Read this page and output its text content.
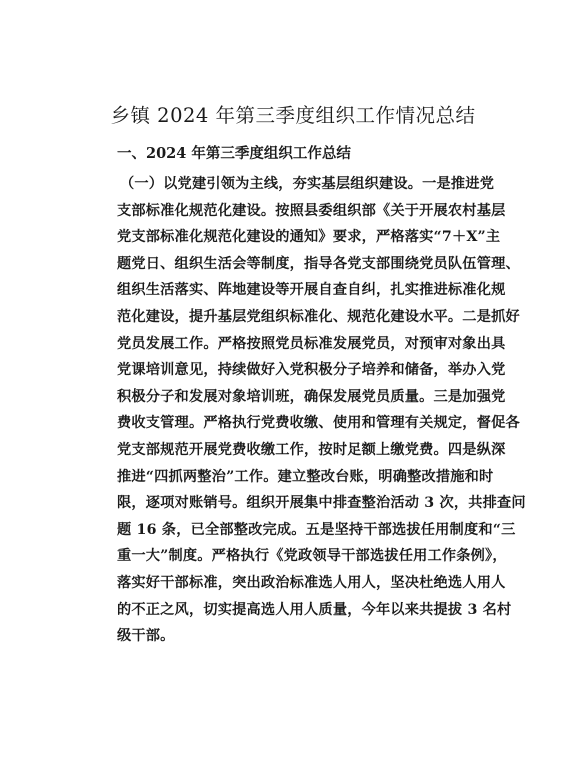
乡镇 2024 年第三季度组织工作情况总结
一、2024 年第三季度组织工作总结
（一）以党建引领为主线，夯实基层组织建设。一是推进党
支部标准化规范化建设。按照县委组织部《关于开展农村基层
党支部标准化规范化建设的通知》要求，严格落实“7＋X”主
题党日、组织生活会等制度，指导各党支部围绕党员队伍管理、
组织生活落实、阵地建设等开展自查自纠，扎实推进标准化规
范化建设，提升基层党组织标准化、规范化建设水平。二是抓好
党员发展工作。严格按照党员标准发展党员，对预审对象出具
党课培训意见，持续做好入党积极分子培养和储备，举办入党
积极分子和发展对象培训班，确保发展党员质量。三是加强党
费收支管理。严格执行党费收缴、使用和管理有关规定，督促各
党支部规范开展党费收缴工作，按时足额上缴党费。四是纵深
推进“四抓两整治”工作。建立整改台账，明确整改措施和时
限，逐项对账销号。组织开展集中排查整治活动 3 次，共排查问
题 16 条，已全部整改完成。五是坚持干部选拔任用制度和“三
重一大”制度。严格执行《党政领导干部选拔任用工作条例》，
落实好干部标准，突出政治标准选人用人，坚决杜绝选人用人
的不正之风，切实提高选人用人质量，今年以来共提拔 3 名村
级干部。
